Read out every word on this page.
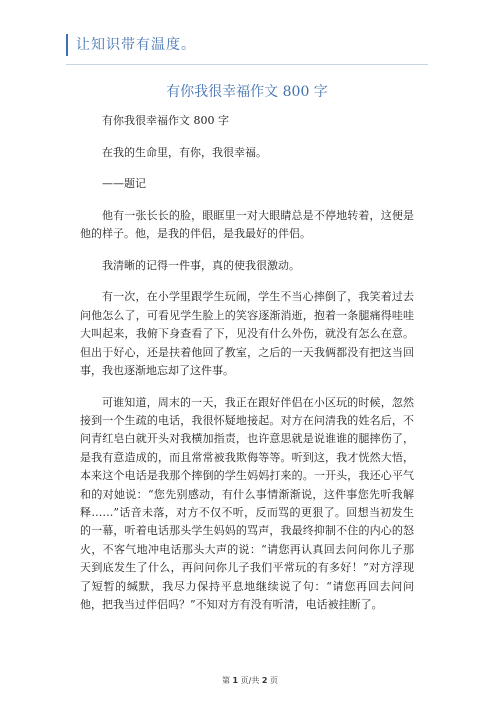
让知识带有温度。
有你我很幸福作文 800 字

有你我很幸福作文 800 字

在我的生命里，有你，我很幸福。

——题记

他有一张长长的脸，眼眶里一对大眼睛总是不停地转着，这便是他的样子。他，是我的伴侣，是我最好的伴侣。

我清晰的记得一件事，真的使我很激动。

有一次，在小学里跟学生玩闹，学生不当心摔倒了，我笑着过去问他怎么了，可看见学生脸上的笑容逐渐消逝，抱着一条腿痛得哇哇大叫起来，我俯下身查看了下，见没有什么外伤，就没有怎么在意。但出于好心，还是扶着他回了教室，之后的一天我俩都没有把这当回事，我也逐渐地忘却了这件事。

可谁知道，周末的一天，我正在跟好伴侣在小区玩的时候，忽然接到一个生疏的电话，我很怀疑地接起。对方在问清我的姓名后，不问青红皂白就开头对我横加指责，也许意思就是说谁谁的腿摔伤了，是我有意造成的，而且常常被我欺侮等等。听到这，我才恍然大悟，本来这个电话是我那个摔倒的学生妈妈打来的。一开头，我还心平气和的对她说：“您先别感动，有什么事情渐渐说，这件事您先听我解释……”话音未落，对方不仅不听，反而骂的更狠了。回想当初发生的一幕，听着电话那头学生妈妈的骂声，我最终抑制不住的内心的怒火，不客气地冲电话那头大声的说：“请您再认真回去问问你儿子那天到底发生了什么，再问问你儿子我们平常玩的有多好！”对方浮现了短暂的缄默，我尽力保持平息地继续说了句：“请您再回去问问他，把我当过伴侣吗？”不知对方有没有听清，电话被挂断了。

第 1 页/共 2 页
